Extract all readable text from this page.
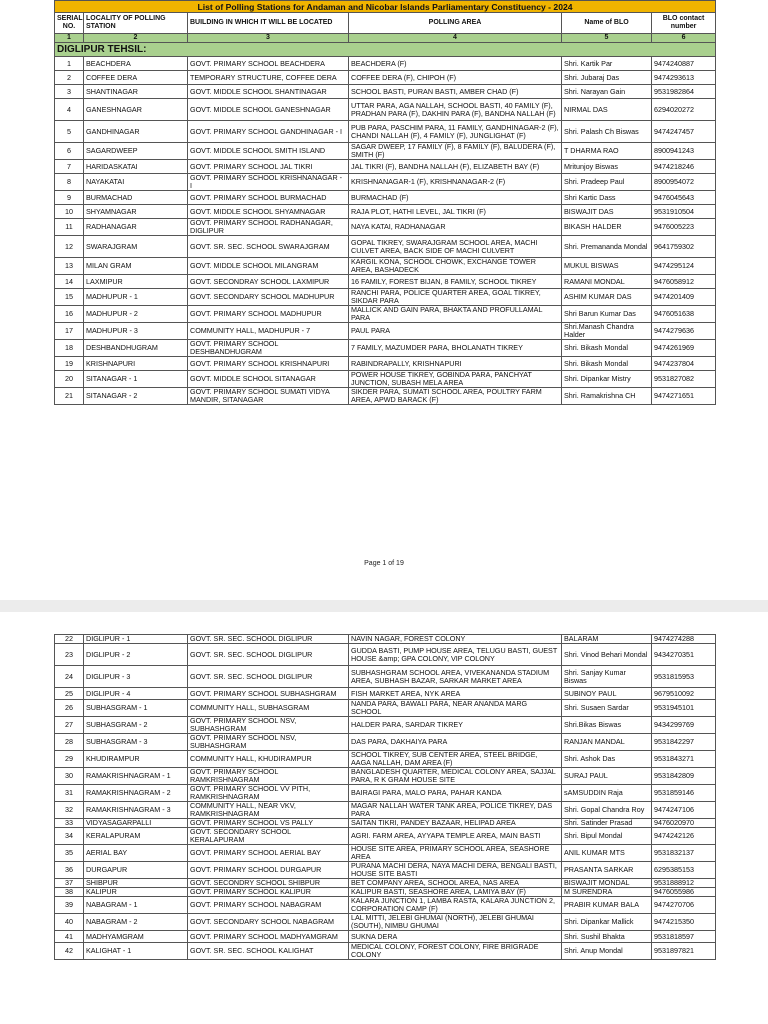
List of Polling Stations for Andaman and Nicobar Islands Parliamentary Constituency - 2024					
SERIAL NO.	LOCALITY OF POLLING STATION	BUILDING IN WHICH IT WILL BE LOCATED	POLLING AREA	Name of BLO	BLO contact number
1	2	3	4	5	6
DIGLIPUR TEHSIL:					
1	BEACHDERA	GOVT. PRIMARY SCHOOL BEACHDERA	BEACHDERA (F)	Shri. Kartik Par	9474240887
2	COFFEE DERA	TEMPORARY STRUCTURE, COFFEE DERA	COFFEE DERA (F), CHIPOH (F)	Shri. Jubaraj Das	9474293613
3	SHANTINAGAR	GOVT. MIDDLE SCHOOL SHANTINAGAR	SCHOOL BASTI, PURAN BASTI, AMBER CHAD (F)	Shri. Narayan Gain	9531982864
4	GANESHNAGAR	GOVT. MIDDLE SCHOOL GANESHNAGAR	UTTAR PARA, AGA NALLAH, SCHOOL BASTI, 40 FAMILY (F), PRADHAN PARA (F), DAKHIN PARA (F), BANDHA NALLAH (F)	NIRMAL DAS	6294020272
5	GANDHINAGAR	GOVT. PRIMARY SCHOOL GANDHINAGAR - I	PUB PARA, PASCHIM PARA, 11 FAMILY, GANDHINAGAR-2 (F), CHANDI NALLAH (F), 4 FAMILY (F), JUNGLIGHAT (F)	Shri. Palash Ch Biswas	9474247457
6	SAGARDWEEP	GOVT. MIDDLE SCHOOL SMITH ISLAND	SAGAR DWEEP, 17 FAMILY (F), 8 FAMILY (F), BALUDERA (F), SMITH (F)	T DHARMA RAO	8900941243
7	HARIDASKATAI	GOVT. PRIMARY SCHOOL JAL TIKRI	JAL TIKRI (F), BANDHA NALLAH (F), ELIZABETH BAY (F)	Mritunjoy Biswas	9474218246
8	NAYAKATAI	GOVT. PRIMARY SCHOOL KRISHNANAGAR - I	KRISHNANAGAR-1 (F), KRISHNANAGAR-2 (F)	Shri. Pradeep Paul	8900954072
9	BURMACHAD	GOVT. PRIMARY SCHOOL BURMACHAD	BURMACHAD (F)	Shri Kartic Dass	9476045643
10	SHYAMNAGAR	GOVT. MIDDLE SCHOOL SHYAMNAGAR	RAJA PLOT, HATHI LEVEL, JAL TIKRI (F)	BISWAJIT DAS	9531910504
11	RADHANAGAR	GOVT. PRIMARY SCHOOL RADHANAGAR, DIGLIPUR	NAYA KATAI, RADHANAGAR	BIKASH HALDER	9476005223
12	SWARAJGRAM	GOVT. SR. SEC. SCHOOL SWARAJGRAM	GOPAL TIKREY, SWARAJGRAM SCHOOL AREA, MACHI CULVET AREA, BACK SIDE OF MACHI CULVERT	Shri. Premananda Mondal	9641759302
13	MILAN GRAM	GOVT. MIDDLE SCHOOL MILANGRAM	KARGIL KONA, SCHOOL CHOWK, EXCHANGE TOWER AREA, BASHADECK	MUKUL BISWAS	9474295124
14	LAXMIPUR	GOVT. SECONDRAY SCHOOL LAXMIPUR	16 FAMILY, FOREST BIJAN, 8 FAMILY, SCHOOL TIKREY	RAMANI MONDAL	9476058912
15	MADHUPUR - 1	GOVT. SECONDARY SCHOOL MADHUPUR	RANCHI PARA, POLICE QUARTER AREA, GOAL TIKREY, SIKDAR PARA	ASHIM KUMAR DAS	9474201409
16	MADHUPUR - 2	GOVT. PRIMARY SCHOOL MADHUPUR	MALLICK AND GAIN PARA, BHAKTA AND PROFULLAMAL PARA	Shri Barun Kumar Das	9476051638
17	MADHUPUR - 3	COMMUNITY HALL, MADHUPUR - 7	PAUL PARA	Shri.Manash Chandra Halder	9474279636
18	DESHBANDHUGRAM	GOVT. PRIMARY SCHOOL DESHBANDHUGRAM	7 FAMILY, MAZUMDER PARA, BHOLANATH TIKREY	Shri. Bikash Mondal	9474261969
19	KRISHNAPURI	GOVT. PRIMARY SCHOOL KRISHNAPURI	RABINDRAPALLY, KRISHNAPURI	Shri. Bikash Mondal	9474237804
20	SITANAGAR - 1	GOVT. MIDDLE SCHOOL SITANAGAR	POWER HOUSE TIKREY, GOBINDA PARA, PANCHYAT JUNCTION, SUBASH MELA AREA	Shri. Dipankar Mistry	9531827082
21	SITANAGAR - 2	GOVT. PRIMARY SCHOOL SUMATI VIDYA MANDIR, SITANAGAR	SIKDER PARA, SUMATI SCHOOL AREA, POULTRY FARM AREA, APWD BARACK (F)	Shri. Ramakrishna CH	9474271651
Page 1 of 19
22	DIGLIPUR - 1	GOVT. SR. SEC. SCHOOL DIGLIPUR	NAVIN NAGAR, FOREST COLONY	BALARAM	9474274288
23	DIGLIPUR - 2	GOVT. SR. SEC. SCHOOL DIGLIPUR	GUDDA BASTI, PUMP HOUSE AREA, TELUGU BASTI, GUEST HOUSE &amp; GPA COLONY, VIP COLONY	Shri. Vinod Behari Mondal	9434270351
24	DIGLIPUR - 3	GOVT. SR. SEC. SCHOOL DIGLIPUR	SUBHASHGRAM SCHOOL AREA, VIVEKANANDA STADIUM AREA, SUBHASH BAZAR, SARKAR MARKET AREA	Shri. Sanjay Kumar Biswas	9531815953
25	DIGLIPUR - 4	GOVT. PRIMARY SCHOOL SUBHASHGRAM	FISH MARKET AREA, NYK AREA	SUBINOY PAUL	9679510092
26	SUBHASGRAM - 1	COMMUNITY HALL, SUBHASGRAM	NANDA PARA, BAWALI PARA, NEAR ANANDA MARG SCHOOL	Shri. Susaen Sardar	9531945101
27	SUBHASGRAM - 2	GOVT. PRIMARY SCHOOL NSV, SUBHASHGRAM	HALDER PARA, SARDAR TIKREY	Shri.Bikas Biswas	9434299769
28	SUBHASGRAM - 3	GOVT. PRIMARY SCHOOL NSV, SUBHASHGRAM	DAS PARA, DAKHAIYA PARA	RANJAN MANDAL	9531842297
29	KHUDIRAMPUR	COMMUNITY HALL, KHUDIRAMPUR	SCHOOL TIKREY, SUB CENTER AREA, STEEL BRIDGE, AAGA NALLAH, DAM AREA (F)	Shri. Ashok Das	9531843271
30	RAMAKRISHNAGRAM - 1	GOVT. PRIMARY SCHOOL RAMKRISHNAGRAM	BANGLADESH QUARTER, MEDICAL COLONY AREA, SAJJAL PARA, R K GRAM HOUSE SITE	SURAJ PAUL	9531842809
31	RAMAKRISHNAGRAM - 2	GOVT. PRIMARY SCHOOL VV PITH, RAMKRISHNAGRAM	BAIRAGI PARA, MALO PARA, PAHAR KANDA	sAMSUDDIN Raja	9531859146
32	RAMAKRISHNAGRAM - 3	COMMUNITY HALL, NEAR VKV, RAMKRISHNAGRAM	MAGAR NALLAH WATER TANK AREA, POLICE TIKREY, DAS PARA	Shri. Gopal Chandra Roy	9474247106
33	VIDYASAGARPALLI	GOVT. PRIMARY SCHOOL VS PALLY	SAITAN TIKRI, PANDEY BAZAAR, HELIPAD AREA	Shri. Satinder Prasad	9476020970
34	KERALAPURAM	GOVT. SECONDARY SCHOOL KERALAPURAM	AGRI. FARM AREA, AYYAPA TEMPLE AREA, MAIN BASTI	Shri. Bipul Mondal	9474242126
35	AERIAL BAY	GOVT. PRIMARY SCHOOL AERIAL BAY	HOUSE SITE AREA, PRIMARY SCHOOL AREA, SEASHORE AREA	ANIL KUMAR MTS	9531832137
36	DURGAPUR	GOVT. PRIMARY SCHOOL DURGAPUR	PURANA MACHI DERA, NAYA MACHI DERA, BENGALI BASTI, HOUSE SITE BASTI	PRASANTA SARKAR	6295385153
37	SHIBPUR	GOVT. SECONDRY SCHOOL SHIBPUR	BET COMPANY AREA, SCHOOL AREA, NAS AREA	BISWAJIT MONDAL	9531888912
38	KALIPUR	GOVT. PRIMARY SCHOOL KALIPUR	KALIPUR BASTI, SEASHORE AREA, LAMIYA BAY (F)	M SURENDRA	9476055986
39	NABAGRAM - 1	GOVT. PRIMARY SCHOOL NABAGRAM	KALARA JUNCTION 1, LAMBA RASTA, KALARA JUNCTION 2, CORPORATION CAMP (F)	PRABIR KUMAR BALA	9474270706
40	NABAGRAM - 2	GOVT. SECONDARY SCHOOL NABAGRAM	LAL MITTI, JELEBI GHUMAI (NORTH), JELEBI GHUMAI (SOUTH), NIMBU GHUMAI	Shri. Dipankar Mallick	9474215350
41	MADHYAMGRAM	GOVT. PRIMARY SCHOOL MADHYAMGRAM	SUKNA DERA	Shri. Sushil Bhakta	9531818597
42	KALIGHAT - 1	GOVT. SR. SEC. SCHOOL KALIGHAT	MEDICAL COLONY, FOREST COLONY, FIRE BRIGRADE COLONY	Shri. Anup Mondal	9531897821
